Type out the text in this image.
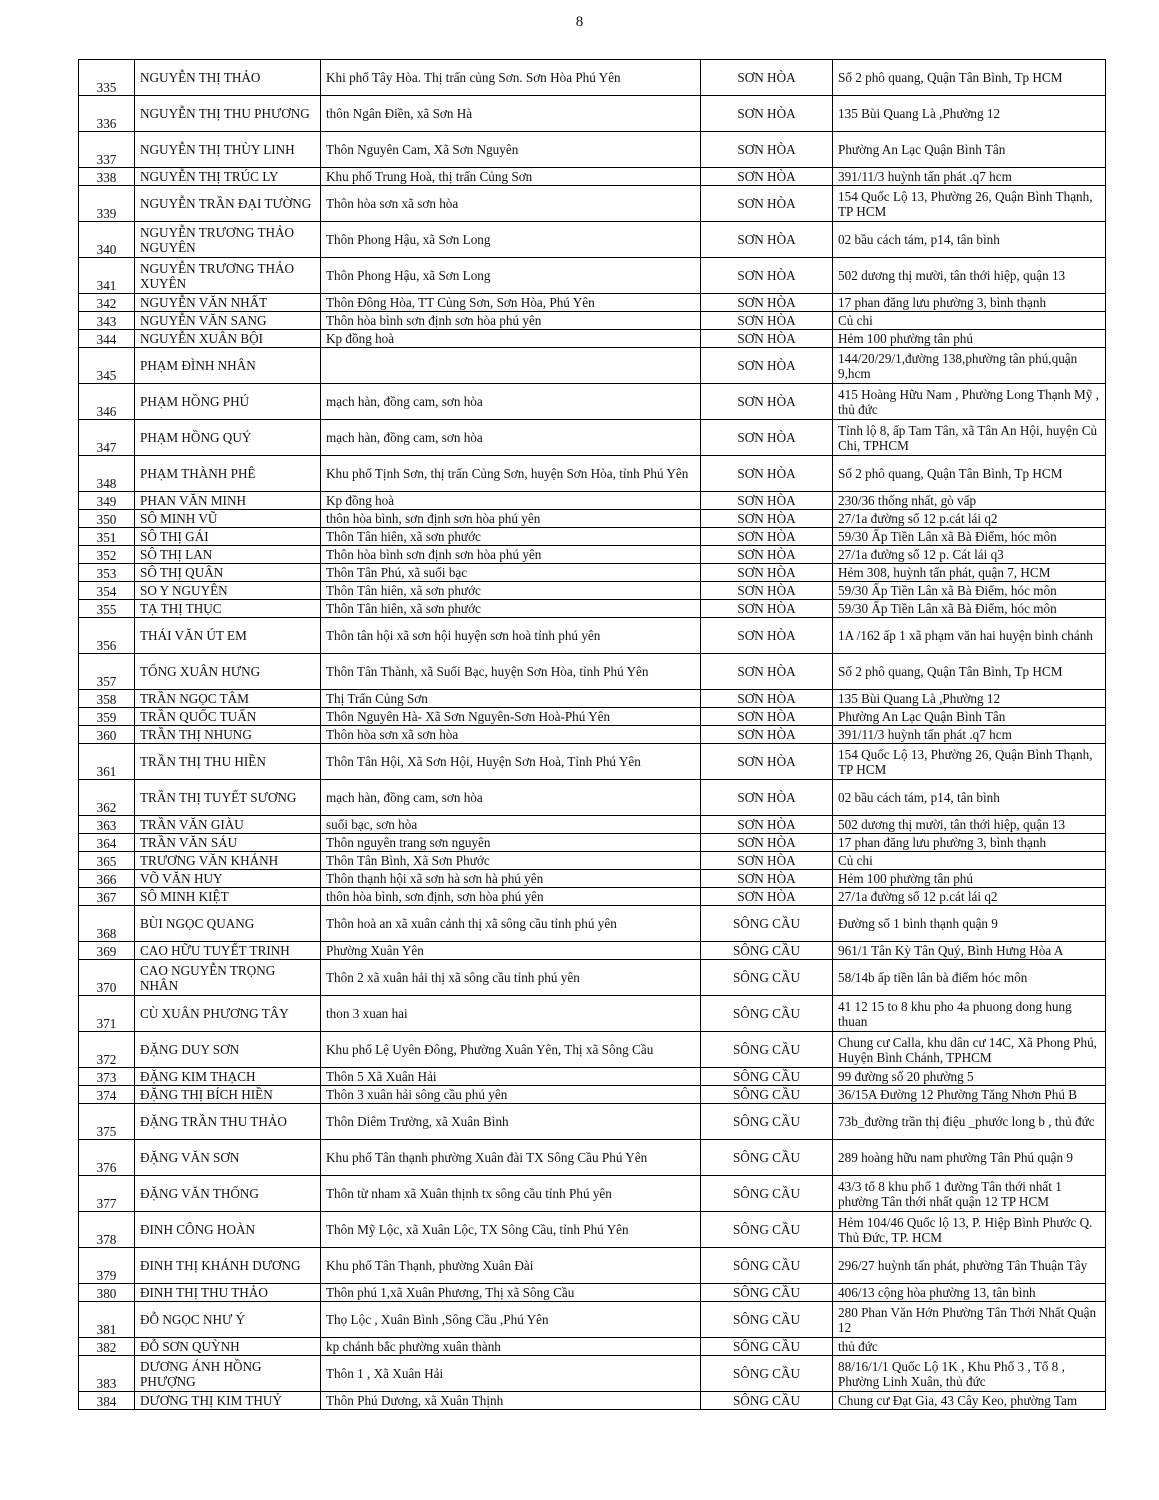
8
335	NGUYỄN THỊ THẢO	Khi phố Tây Hòa. Thị trấn củng Sơn. Sơn Hòa Phú Yên	SƠN HÒA	Số 2 phô quang, Quận Tân Bình, Tp HCM
336	NGUYỄN THỊ THU PHƯƠNG	thôn Ngân Điền, xã Sơn Hà	SƠN HÒA	135 Bùi Quang Là ,Phường 12
337	NGUYỄN THỊ THÙY LINH	Thôn Nguyên Cam, Xã Sơn Nguyên	SƠN HÒA	Phường An Lạc Quận Bình Tân
338	NGUYỄN THỊ TRÚC LY	Khu phố Trung Hoà, thị trấn Củng Sơn	SƠN HÒA	391/11/3 huỳnh tấn phát .q7 hcm
339	NGUYỄN TRẦN ĐẠI TƯỜNG	Thôn hòa sơn xã sơn hòa	SƠN HÒA	154 Quốc Lộ 13, Phường 26, Quận Bình Thạnh, TP HCM
340	NGUYỄN TRƯƠNG THẢO NGUYÊN	Thôn Phong Hậu, xã Sơn Long	SƠN HÒA	02 bầu cách tám, p14, tân bình
341	NGUYỄN TRƯƠNG THẢO XUYÊN	Thôn Phong Hậu, xã Sơn Long	SƠN HÒA	502 dương thị mười, tân thới hiệp, quận 13
342	NGUYỄN VĂN NHẤT	Thôn Đông Hòa, TT Củng Sơn, Sơn Hòa, Phú Yên	SƠN HÒA	17 phan đăng lưu phường 3, bình thạnh
343	NGUYỄN VĂN SANG	Thôn hòa bình sơn định sơn hòa phú yên	SƠN HÒA	Củ chi
344	NGUYỄN XUÂN BỘI	Kp đồng hoà	SƠN HÒA	Hẻm 100 phường tân phú
345	PHẠM ĐÌNH NHÂN		SƠN HÒA	144/20/29/1,đường 138,phường tân phú,quận 9,hcm
346	PHẠM HỒNG PHÚ	mạch hàn, đồng cam, sơn hòa	SƠN HÒA	415 Hoàng Hữu Nam , Phường Long Thạnh Mỹ , thủ đức
347	PHẠM HỒNG QUÝ	mạch hàn, đồng cam, sơn hòa	SƠN HÒA	Tỉnh lộ 8, ấp Tam Tân, xã Tân An Hội, huyện Củ Chi, TPHCM
348	PHẠM THÀNH PHÊ	Khu phố Tịnh Sơn, thị trấn Củng Sơn, huyện Sơn Hòa, tỉnh Phú Yên	SƠN HÒA	Số 2 phô quang, Quận Tân Bình, Tp HCM
349	PHAN VĂN MINH	Kp đồng hoà	SƠN HÒA	230/36 thống nhất, gò vấp
350	SÔ MINH VŨ	thôn hòa bình, sơn định sơn hòa phú yên	SƠN HÒA	27/1a đường số 12 p.cát lái q2
351	SÔ THỊ GÁI	Thôn Tân hiên, xã sơn phước	SƠN HÒA	59/30 Ấp Tiền Lân xã Bà Điểm, hóc môn
352	SÔ THỊ LAN	Thôn hòa bình sơn định sơn hòa phú yên	SƠN HÒA	27/1a đường số 12 p. Cát lái q3
353	SÔ THỊ QUÂN	Thôn Tân Phú, xã suối bạc	SƠN HÒA	Hẻm 308, huỳnh tấn phát, quận 7, HCM
354	SO Y NGUYÊN	Thôn Tân hiên, xã sơn phước	SƠN HÒA	59/30 Ấp Tiền Lân xã Bà Điểm, hóc môn
355	TẠ THỊ THỤC	Thôn Tân hiên, xã sơn phước	SƠN HÒA	59/30 Ấp Tiền Lân xã Bà Điểm, hóc môn
356	THÁI VĂN ÚT EM	Thôn tân hội xã sơn hội huyện sơn hoà tỉnh phú yên	SƠN HÒA	1A /162 ấp 1 xã phạm văn hai huyện bình chánh
357	TỐNG XUÂN HƯNG	Thôn Tân Thành, xã Suối Bạc, huyện Sơn Hòa, tỉnh Phú Yên	SƠN HÒA	Số 2 phô quang, Quận Tân Bình, Tp HCM
358	TRẦN NGỌC TÂM	Thị Trấn Củng Sơn	SƠN HÒA	135 Bùi Quang Là ,Phường 12
359	TRẦN QUỐC TUẤN	Thôn Nguyên Hà- Xã Sơn Nguyên-Sơn Hoà-Phú Yên	SƠN HÒA	Phường An Lạc Quận Bình Tân
360	TRẦN THỊ NHUNG	Thôn hòa sơn xã sơn hòa	SƠN HÒA	391/11/3 huỳnh tấn phát .q7 hcm
361	TRẦN THỊ THU HIỀN	Thôn Tân Hội, Xã Sơn Hội, Huyện Sơn Hoà, Tỉnh Phú Yên	SƠN HÒA	154 Quốc Lộ 13, Phường 26, Quận Bình Thạnh, TP HCM
362	TRẦN THỊ TUYẾT SƯƠNG	mạch hàn, đồng cam, sơn hòa	SƠN HÒA	02 bầu cách tám, p14, tân bình
363	TRẦN VĂN GIÀU	suối bạc, sơn hòa	SƠN HÒA	502 dương thị mười, tân thới hiệp, quận 13
364	TRẦN VĂN SÁU	Thôn nguyên trang sơn nguyên	SƠN HÒA	17 phan đăng lưu phường 3, bình thạnh
365	TRƯƠNG VĂN KHÁNH	Thôn Tân Bình, Xã Sơn Phước	SƠN HÒA	Củ chi
366	VÕ VĂN HUY	Thôn thạnh hội xã sơn hà sơn hà phú yên	SƠN HÒA	Hẻm 100 phường tân phú
367	SÔ MINH KIỆT	thôn hòa bình, sơn định, sơn hòa phú yên	SƠN HÒA	27/1a đường số 12 p.cát lái q2
368	BÙI NGỌC QUANG	Thôn hoà an xã xuân cảnh thị xã sông cầu tỉnh phú yên	SÔNG CẦU	Đường số 1 bình thạnh quận 9
369	CAO HỮU TUYẾT TRINH	Phường Xuân Yên	SÔNG CẦU	961/1 Tân Kỳ Tân Quý, Bình Hưng Hòa A
370	CAO NGUYỄN TRỌNG NHÂN	Thôn 2 xã xuân hải thị xã sông cầu tỉnh phú yên	SÔNG CẦU	58/14b ấp tiền lân bà điểm hóc môn
371	CÙ XUÂN PHƯƠNG TÂY	thon 3 xuan hai	SÔNG CẦU	41 12 15 to 8 khu pho 4a phuong dong hung thuan
372	ĐẶNG DUY SƠN	Khu phố Lệ Uyên Đông, Phường Xuân Yên, Thị xã Sông Cầu	SÔNG CẦU	Chung cư Calla, khu dân cư 14C, Xã Phong Phú, Huyện Bình Chánh, TPHCM
373	ĐẶNG KIM THẠCH	Thôn 5 Xã Xuân Hải	SÔNG CẦU	99 đường số 20 phường 5
374	ĐẶNG THỊ BÍCH HIỀN	Thôn 3 xuân hải sông cầu phú yên	SÔNG CẦU	36/15A Đường 12 Phường Tăng Nhơn Phú B
375	ĐẶNG TRẦN THU THẢO	Thôn Diêm Trường, xã Xuân Bình	SÔNG CẦU	73b_đường trần thị điệu _phước long b , thủ đức
376	ĐẶNG VĂN SƠN	Khu phố Tân thạnh phường Xuân đài TX Sông Cầu Phú Yên	SÔNG CẦU	289 hoàng hữu nam phường Tân Phú quận 9
377	ĐẶNG VĂN THỐNG	Thôn từ nham xã Xuân thịnh tx sông cầu tỉnh Phú yên	SÔNG CẦU	43/3 tổ 8 khu phố 1 đường Tân thới nhất 1 phường Tân thới nhất quận 12 TP HCM
378	ĐINH CÔNG HOÀN	Thôn Mỹ Lộc, xã Xuân Lộc, TX Sông Cầu, tỉnh Phú Yên	SÔNG CẦU	Hẻm 104/46 Quốc lộ 13, P. Hiệp Bình Phước Q. Thủ Đức, TP. HCM
379	ĐINH THỊ KHÁNH DƯƠNG	Khu phố Tân Thạnh, phường Xuân Đài	SÔNG CẦU	296/27 huỳnh tấn phát, phường Tân Thuận Tây
380	ĐINH THỊ THU THẢO	Thôn phú 1,xã Xuân Phương, Thị xã Sông Cầu	SÔNG CẦU	406/13 cộng hòa phường 13, tân bình
381	ĐỖ NGỌC NHƯ Ý	Thọ Lộc , Xuân Bình ,Sông Cầu ,Phú Yên	SÔNG CẦU	280 Phan Văn Hớn Phường Tân Thới Nhất Quận 12
382	ĐỖ SƠN QUỲNH	kp chánh bắc phường xuân thành	SÔNG CẦU	thủ đức
383	DƯƠNG ÁNH HỒNG PHƯỢNG	Thôn 1 , Xã Xuân Hải	SÔNG CẦU	88/16/1/1 Quốc Lộ 1K , Khu Phố 3 , Tổ 8 , Phường Linh Xuân, thủ đức
384	DƯƠNG THỊ KIM THUỶ	Thôn Phú Dương, xã Xuân Thịnh	SÔNG CẦU	Chung cư Đạt Gia, 43 Cây Keo, phường Tam
